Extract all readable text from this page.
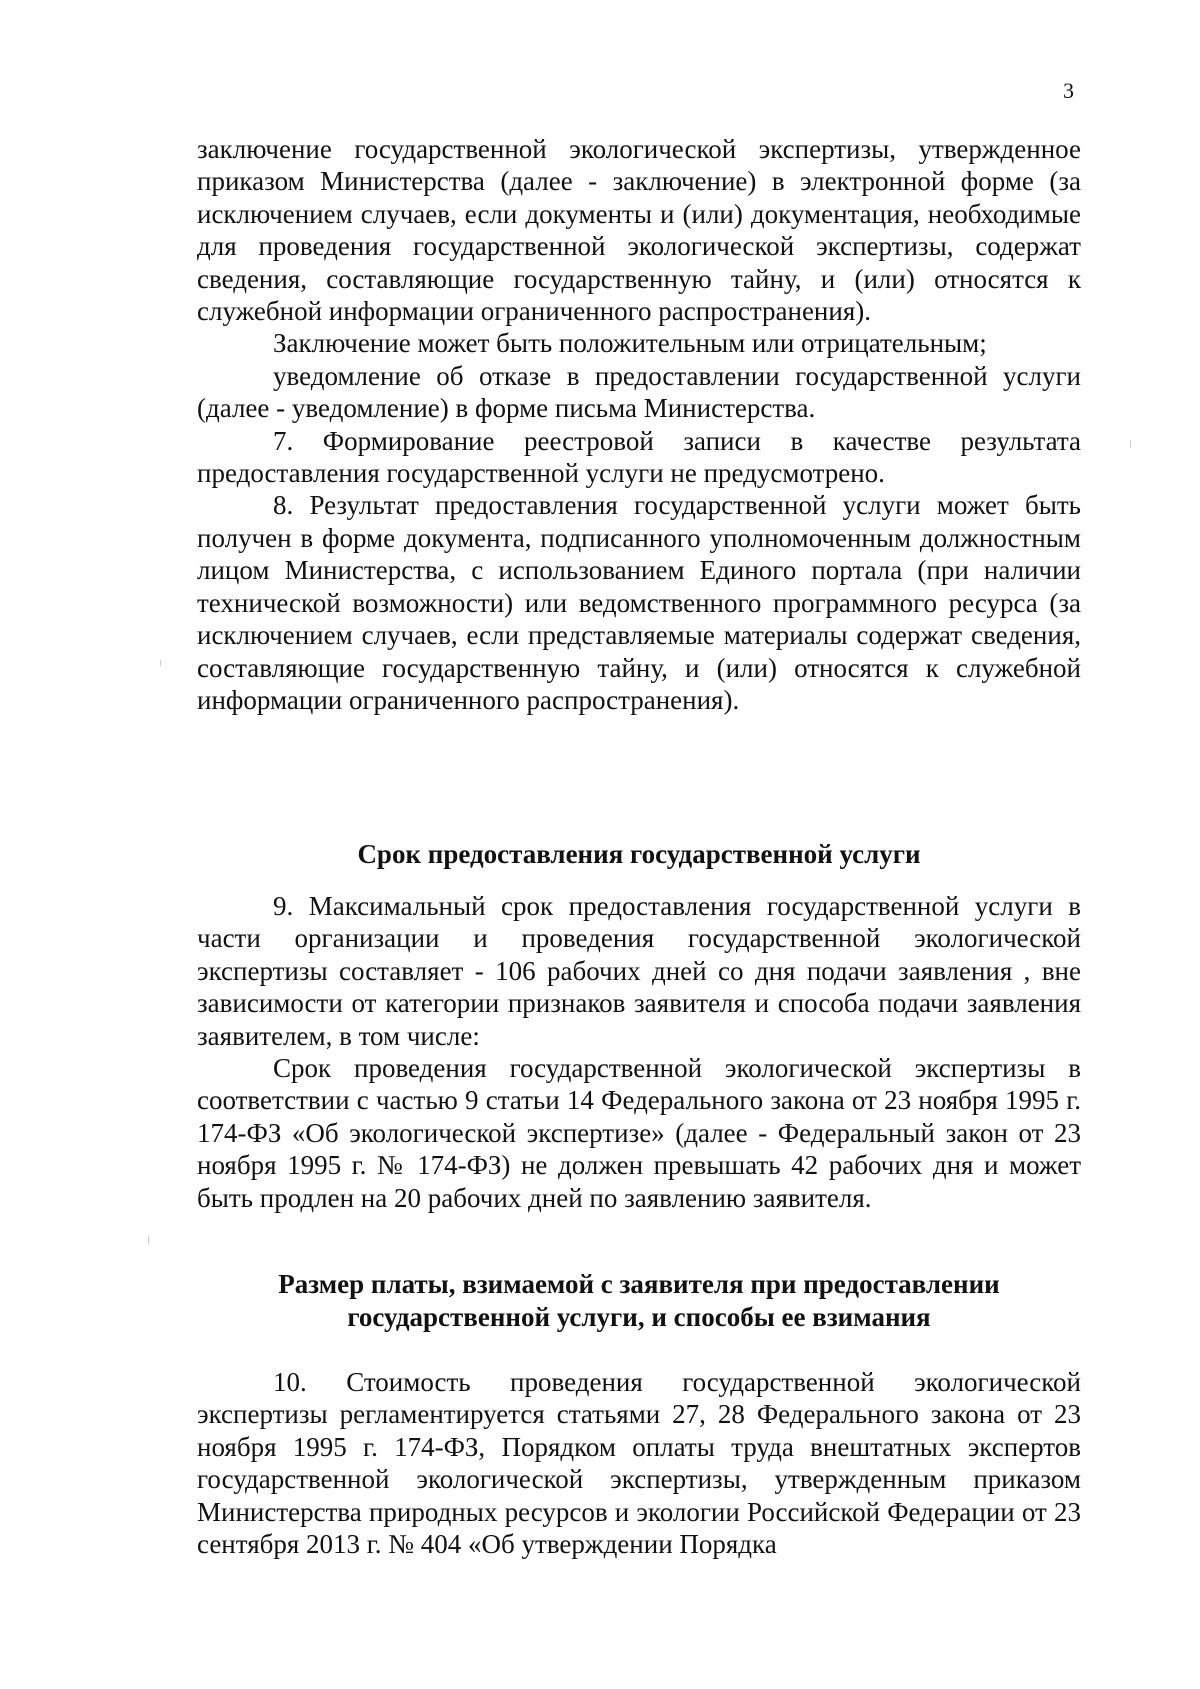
3

заключение государственной экологической экспертизы, утвержденное приказом Министерства (далее - заключение) в электронной форме (за исключением случаев, если документы и (или) документация, необходимые для проведения государственной экологической экспертизы, содержат сведения, составляющие государственную тайну, и (или) относятся к служебной информации ограниченного распространения).

Заключение может быть положительным или отрицательным;

уведомление об отказе в предоставлении государственной услуги (далее - уведомление) в форме письма Министерства.

7. Формирование реестровой записи в качестве результата предоставления государственной услуги не предусмотрено.

8. Результат предоставления государственной услуги может быть получен в форме документа, подписанного уполномоченным должностным лицом Министерства, с использованием Единого портала (при наличии технической возможности) или ведомственного программного ресурса (за исключением случаев, если представляемые материалы содержат сведения, составляющие государственную тайну, и (или) относятся к служебной информации ограниченного распространения).

Срок предоставления государственной услуги

9. Максимальный срок предоставления государственной услуги в части организации и проведения государственной экологической экспертизы составляет - 106 рабочих дней со дня подачи заявления , вне зависимости от категории признаков заявителя и способа подачи заявления заявителем, в том числе:

Срок проведения государственной экологической экспертизы в соответствии с частью 9 статьи 14 Федерального закона от 23 ноября 1995 г. 174-ФЗ «Об экологической экспертизе» (далее - Федеральный закон от 23 ноября 1995 г. № 174-ФЗ) не должен превышать 42 рабочих дня и может быть продлен на 20 рабочих дней по заявлению заявителя.

Размер платы, взимаемой с заявителя при предоставлении
государственной услуги, и способы ее взимания

10. Стоимость проведения государственной экологической экспертизы регламентируется статьями 27, 28 Федерального закона от 23 ноября 1995 г. 174-ФЗ, Порядком оплаты труда внештатных экспертов государственной экологической экспертизы, утвержденным приказом Министерства природных ресурсов и экологии Российской Федерации от 23 сентября 2013 г. № 404 «Об утверждении Порядка
